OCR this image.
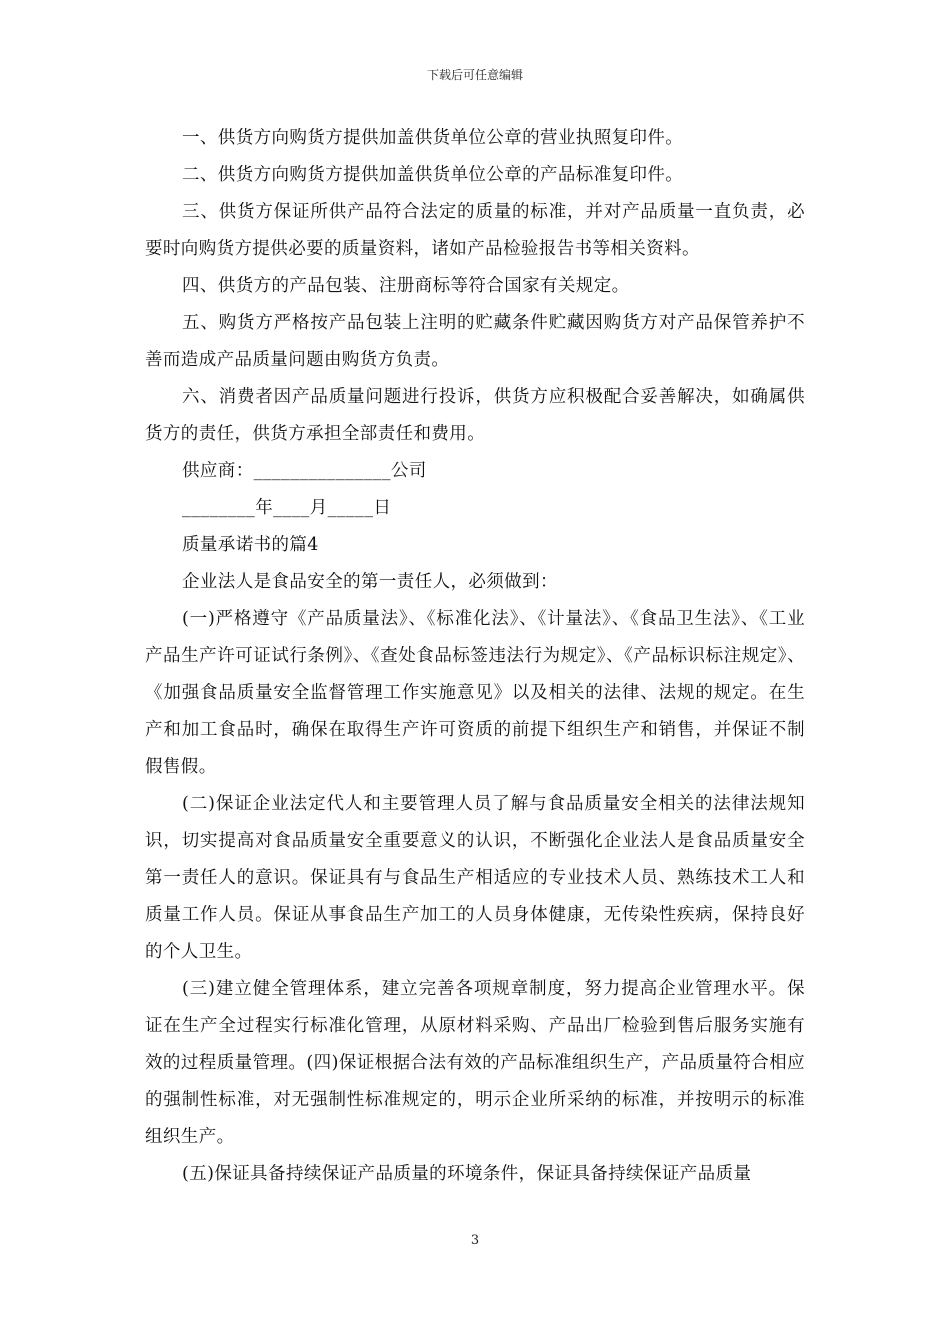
下载后可任意编辑

一、供货方向购货方提供加盖供货单位公章的营业执照复印件。

二、供货方向购货方提供加盖供货单位公章的产品标准复印件。

三、供货方保证所供产品符合法定的质量的标准，并对产品质量一直负责，必要时向购货方提供必要的质量资料，诸如产品检验报告书等相关资料。

四、供货方的产品包装、注册商标等符合国家有关规定。

五、购货方严格按产品包装上注明的贮藏条件贮藏因购货方对产品保管养护不善而造成产品质量问题由购货方负责。

六、消费者因产品质量问题进行投诉，供货方应积极配合妥善解决，如确属供货方的责任，供货方承担全部责任和费用。

供应商：_______________公司

________年____月_____日

质量承诺书的篇4

企业法人是食品安全的第一责任人，必须做到：

(一)严格遵守《产品质量法》、《标准化法》、《计量法》、《食品卫生法》、《工业产品生产许可证试行条例》、《查处食品标签违法行为规定》、《产品标识标注规定》、《加强食品质量安全监督管理工作实施意见》以及相关的法律、法规的规定。在生产和加工食品时，确保在取得生产许可资质的前提下组织生产和销售，并保证不制假售假。

(二)保证企业法定代人和主要管理人员了解与食品质量安全相关的法律法规知识，切实提高对食品质量安全重要意义的认识，不断强化企业法人是食品质量安全第一责任人的意识。保证具有与食品生产相适应的专业技术人员、熟练技术工人和质量工作人员。保证从事食品生产加工的人员身体健康，无传染性疾病，保持良好的个人卫生。

(三)建立健全管理体系，建立完善各项规章制度，努力提高企业管理水平。保证在生产全过程实行标准化管理，从原材料采购、产品出厂检验到售后服务实施有效的过程质量管理。(四)保证根据合法有效的产品标准组织生产，产品质量符合相应的强制性标准，对无强制性标准规定的，明示企业所采纳的标准，并按明示的标准组织生产。

(五)保证具备持续保证产品质量的环境条件，保证具备持续保证产品质量

3
